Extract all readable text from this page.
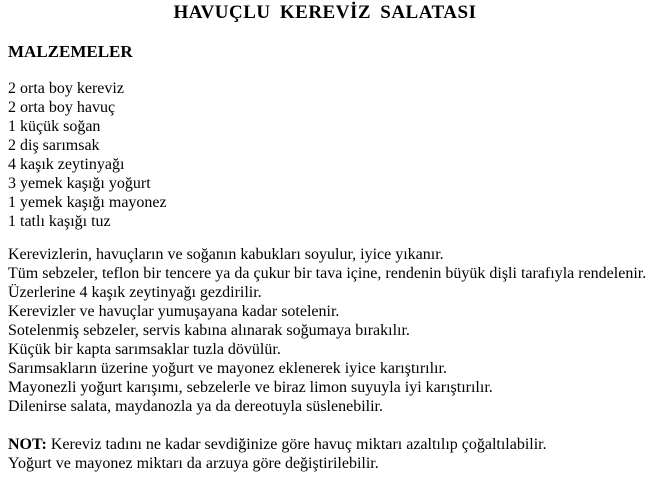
HAVUÇLU KEREVİZ SALATASI
MALZEMELER
2 orta boy kereviz
2 orta boy havuç
1 küçük soğan
2 diş sarımsak
4 kaşık zeytinyağı
3 yemek kaşığı yoğurt
1 yemek kaşığı mayonez
1 tatlı kaşığı tuz
Kerevizlerin, havuçların ve soğanın kabukları soyulur, iyice yıkanır.
Tüm sebzeler, teflon bir tencere ya da çukur bir tava içine, rendenin büyük dişli tarafıyla rendelenir.
Üzerlerine 4 kaşık zeytinyağı gezdirilir.
Kerevizler ve havuçlar yumuşayana kadar sotelenir.
Sotelenmiş sebzeler, servis kabına alınarak soğumaya bırakılır.
Küçük bir kapta sarımsaklar tuzla dövülür.
Sarımsakların üzerine yoğurt ve mayonez eklenerek iyice karıştırılır.
Mayonezli yoğurt karışımı, sebzelerle ve biraz limon suyuyla iyi karıştırılır.
Dilenirse salata, maydanozla ya da dereotuyla süslenebilir.
NOT: Kereviz tadını ne kadar sevdiğinize göre havuç miktarı azaltılıp çoğaltılabilir.
Yoğurt ve mayonez miktarı da arzuya göre değiştirilebilir.
